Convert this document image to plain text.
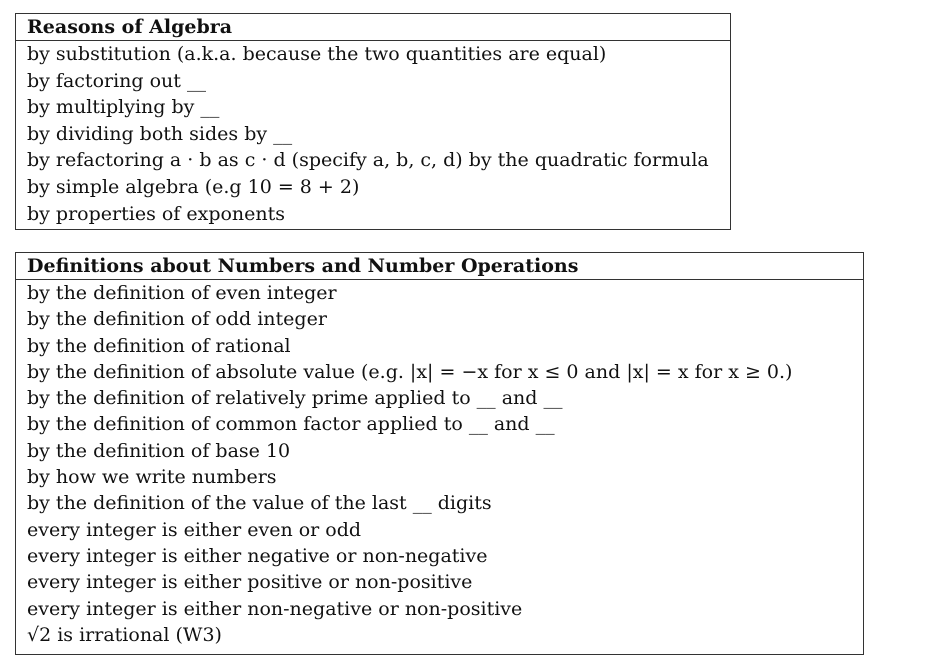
Reasons of Algebra
by substitution (a.k.a. because the two quantities are equal)
by factoring out __
by multiplying by __
by dividing both sides by __
by refactoring a · b as c · d (specify a, b, c, d) by the quadratic formula
by simple algebra (e.g 10 = 8 + 2)
by properties of exponents
Definitions about Numbers and Number Operations
by the definition of even integer
by the definition of odd integer
by the definition of rational
by the definition of absolute value (e.g. |x| = −x for x ≤ 0 and |x| = x for x ≥ 0.)
by the definition of relatively prime applied to __ and __
by the definition of common factor applied to __ and __
by the definition of base 10
by how we write numbers
by the definition of the value of the last __ digits
every integer is either even or odd
every integer is either negative or non-negative
every integer is either positive or non-positive
every integer is either non-negative or non-positive
√2 is irrational (W3)
